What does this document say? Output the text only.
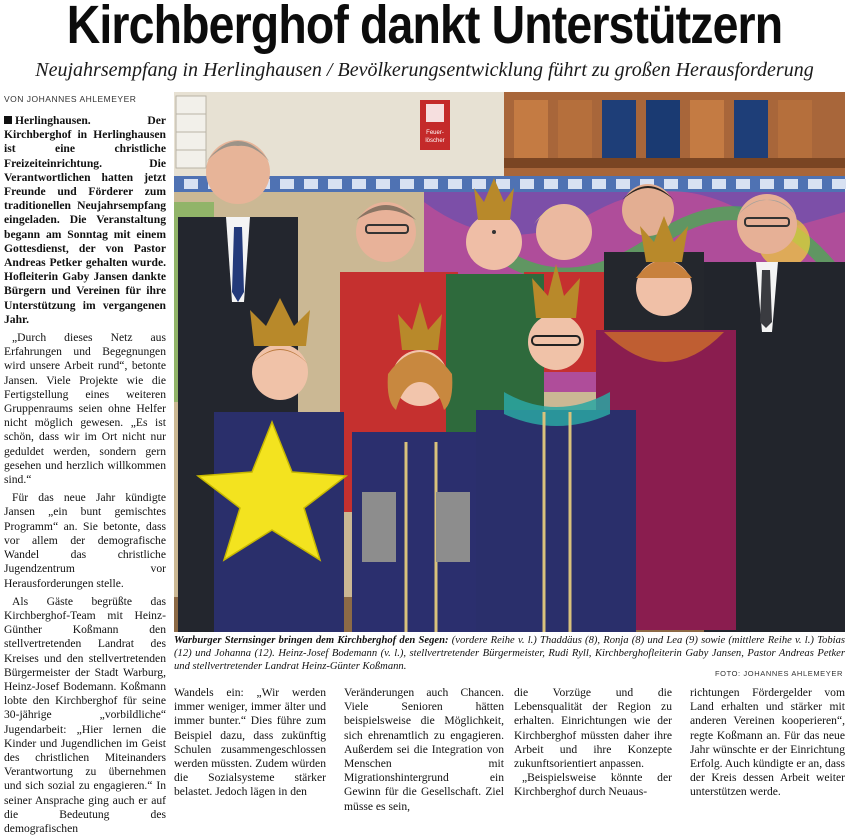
Kirchberghof dankt Unterstützern
Neujahrsempfang in Herlinghausen / Bevölkerungsentwicklung führt zu großen Herausforderung
VON JOHANNES AHLEMEYER

Herlinghausen. Der Kirchberghof in Herlinghausen ist eine christliche Freizeiteinrichtung. Die Verantwortlichen hatten jetzt Freunde und Förderer zum traditionellen Neujahrsempfang eingeladen. Die Veranstaltung begann am Sonntag mit einem Gottesdienst, der von Pastor Andreas Petker gehalten wurde. Hofleiterin Gaby Jansen dankte Bürgern und Vereinen für ihre Unterstützung im vergangenen Jahr.

„Durch dieses Netz aus Erfahrungen und Begegnungen wird unsere Arbeit rund“, betonte Jansen. Viele Projekte wie die Fertigstellung eines weiteren Gruppenraums seien ohne Helfer nicht möglich gewesen. „Es ist schön, dass wir im Ort nicht nur geduldet werden, sondern gern gesehen und herzlich willkommen sind.“

Für das neue Jahr kündigte Jansen „ein bunt gemischtes Programm“ an. Sie betonte, dass vor allem der demografische Wandel das christliche Jugendzentrum vor Herausforderungen stelle.

Als Gäste begrüßte das Kirchberghof-Team mit Heinz-Günther Koßmann den stellvertretenden Landrat des Kreises und den stellvertretenden Bürgermeister der Stadt Warburg, Heinz-Josef Bodemann. Koßmann lobte den Kirchberghof für seine 30-jährige „vorbildliche“ Jugendarbeit: „Hier lernen die Kinder und Jugendlichen im Geist des christlichen Miteinanders Verantwortung zu übernehmen und sich sozial zu engagieren.“ In seiner Ansprache ging auch er auf die Bedeutung des demografischen

Feuer-
löscher
Warburger Sternsinger bringen dem Kirchberghof den Segen: (vordere Reihe v. l.) Thaddäus (8), Ronja (8) und Lea (9) sowie (mittlere Reihe v. l.) Tobias (12) und Johanna (12). Heinz-Josef Bodemann (v. l.), stellvertretender Bürgermeister, Rudi Ryll, Kirchberghofleiterin Gaby Jansen, Pastor Andreas Petker und stellvertretender Landrat Heinz-Günter Koßmann.
FOTO: JOHANNES AHLEMEYER

Wandels ein: „Wir werden immer weniger, immer älter und immer bunter.“ Dies führe zum Beispiel dazu, dass zukünftig Schulen zusammengeschlossen werden müssten. Zudem würden die Sozialsysteme stärker belastet. Jedoch lägen in den

Veränderungen auch Chancen. Viele Senioren hätten beispielsweise die Möglichkeit, sich ehrenamtlich zu engagieren. Außerdem sei die Integration von Menschen mit Migrationshintergrund ein Gewinn für die Gesellschaft. Ziel müsse es sein,

die Vorzüge und die Lebensqualität der Region zu erhalten. Einrichtungen wie der Kirchberghof müssten daher ihre Arbeit und ihre Konzepte zukunftsorientiert anpassen.

„Beispielsweise könnte der Kirchberghof durch Neuaus-

richtungen Fördergelder vom Land erhalten und stärker mit anderen Vereinen kooperieren“, regte Koßmann an. Für das neue Jahr wünschte er der Einrichtung Erfolg. Auch kündigte er an, dass der Kreis dessen Arbeit weiter unterstützen werde.
